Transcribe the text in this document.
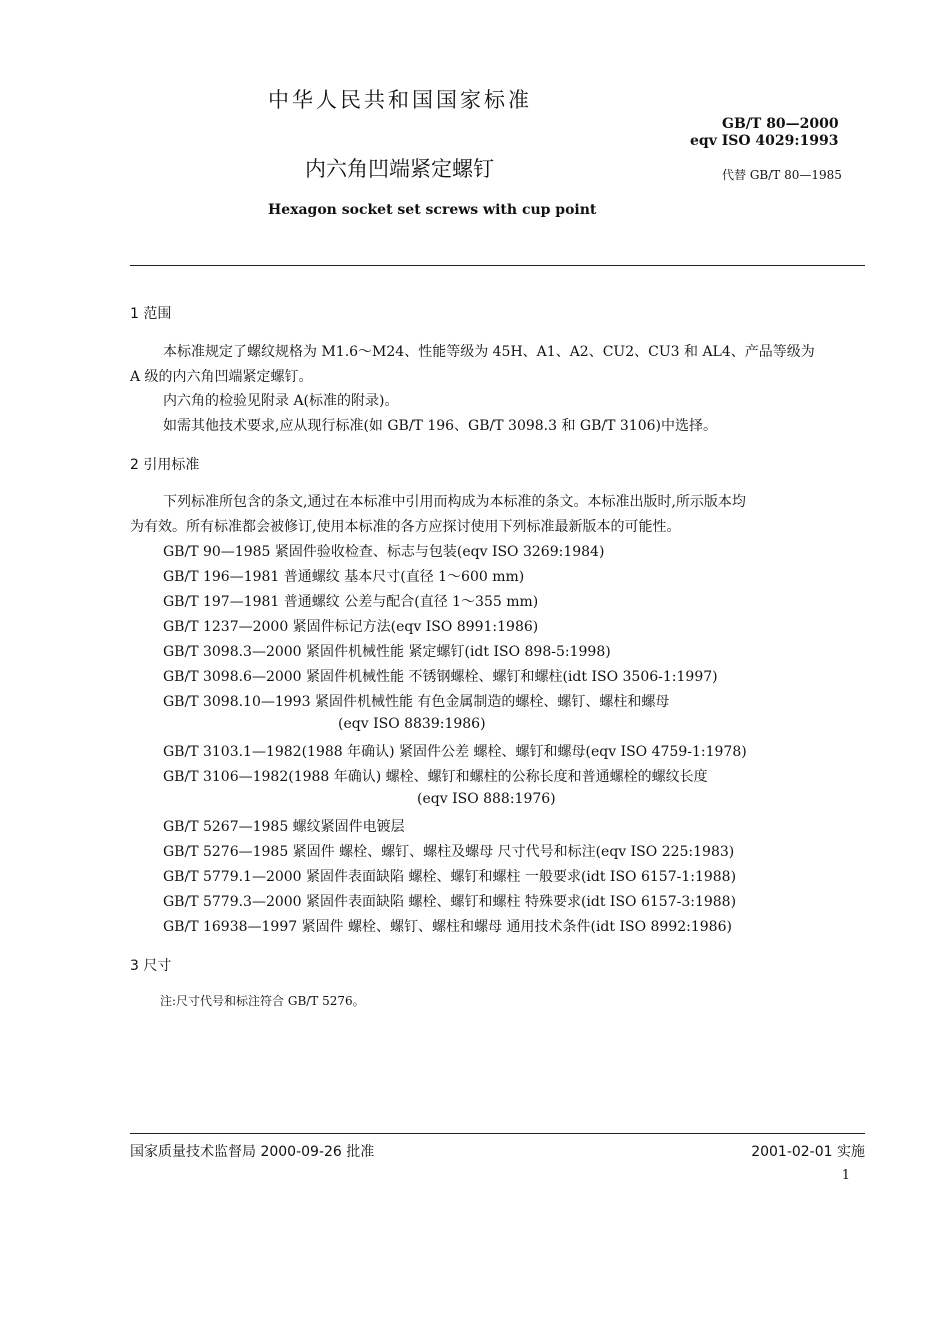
中华人民共和国国家标准
GB/T 80—2000
eqv ISO 4029:1993
内六角凹端紧定螺钉	代替 GB/T 80—1985
Hexagon socket set screws with cup point
1 范围
本标准规定了螺纹规格为 M1.6～M24、性能等级为 45H、A1、A2、CU2、CU3 和 AL4、产品等级为
A 级的内六角凹端紧定螺钉。
内六角的检验见附录 A(标准的附录)。
如需其他技术要求,应从现行标准(如 GB/T 196、GB/T 3098.3 和 GB/T 3106)中选择。
2 引用标准
下列标准所包含的条文,通过在本标准中引用而构成为本标准的条文。本标准出版时,所示版本均
为有效。所有标准都会被修订,使用本标准的各方应探讨使用下列标准最新版本的可能性。
GB/T 90—1985 紧固件验收检查、标志与包装(eqv ISO 3269:1984)
GB/T 196—1981 普通螺纹 基本尺寸(直径 1～600 mm)
GB/T 197—1981 普通螺纹 公差与配合(直径 1～355 mm)
GB/T 1237—2000 紧固件标记方法(eqv ISO 8991:1986)
GB/T 3098.3—2000 紧固件机械性能 紧定螺钉(idt ISO 898-5:1998)
GB/T 3098.6—2000 紧固件机械性能 不锈钢螺栓、螺钉和螺柱(idt ISO 3506-1:1997)
GB/T 3098.10—1993 紧固件机械性能 有色金属制造的螺栓、螺钉、螺柱和螺母
(eqv ISO 8839:1986)
GB/T 3103.1—1982(1988 年确认) 紧固件公差 螺栓、螺钉和螺母(eqv ISO 4759-1:1978)
GB/T 3106—1982(1988 年确认) 螺栓、螺钉和螺柱的公称长度和普通螺栓的螺纹长度
(eqv ISO 888:1976)
GB/T 5267—1985 螺纹紧固件电镀层
GB/T 5276—1985 紧固件 螺栓、螺钉、螺柱及螺母 尺寸代号和标注(eqv ISO 225:1983)
GB/T 5779.1—2000 紧固件表面缺陷 螺栓、螺钉和螺柱 一般要求(idt ISO 6157-1:1988)
GB/T 5779.3—2000 紧固件表面缺陷 螺栓、螺钉和螺柱 特殊要求(idt ISO 6157-3:1988)
GB/T 16938—1997 紧固件 螺栓、螺钉、螺柱和螺母 通用技术条件(idt ISO 8992:1986)
3 尺寸
注:尺寸代号和标注符合 GB/T 5276。
国家质量技术监督局 2000-09-26 批准	2001-02-01 实施
1
